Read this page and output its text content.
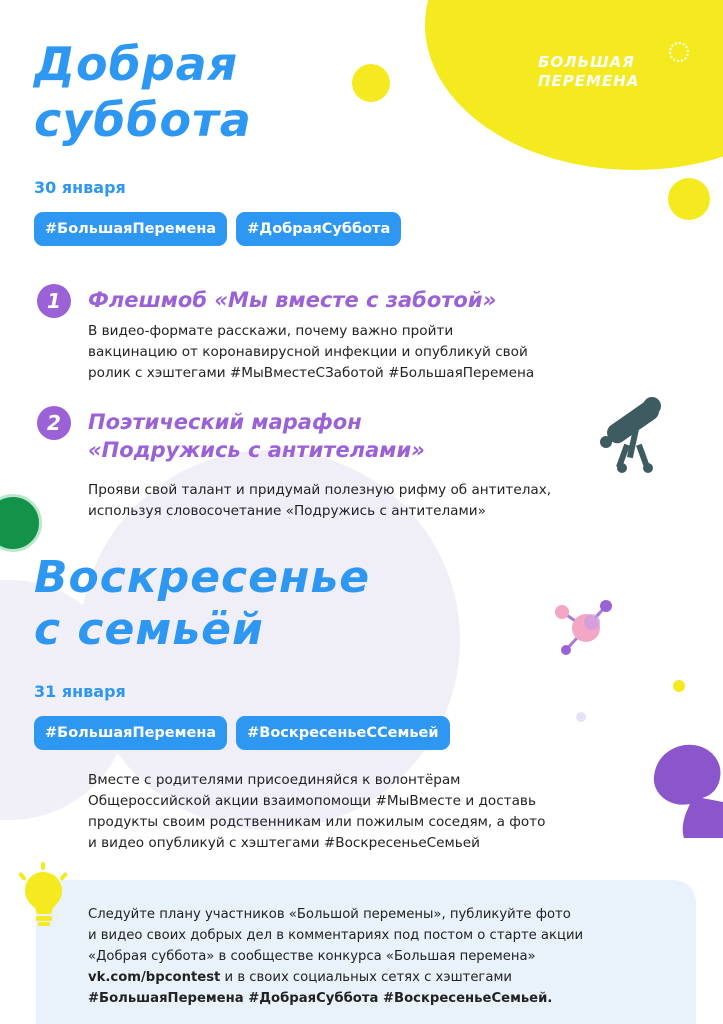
БОЛЬШАЯ
ПЕРЕМЕНА
Добрая
суббота
30 января
#БольшаяПеремена	#ДобраяСуббота
1	Флешмоб «Мы вместе с заботой»
В видео-формате расскажи, почему важно пройти
вакцинацию от коронавирусной инфекции и опубликуй свой
ролик с хэштегами #МыВместеСЗаботой #БольшаяПеремена
2	Поэтический марафон
«Подружись с антителами»
Прояви свой талант и придумай полезную рифму об антителах,
используя словосочетание «Подружись с антителами»
Воскресенье
с семьёй
31 января
#БольшаяПеремена	#ВоскресеньеССемьей
Вместе с родителями присоединяйся к волонтёрам
Общероссийской акции взаимопомощи #МыВместе и доставь
продукты своим родственникам или пожилым соседям, а фото
и видео опубликуй с хэштегами #ВоскресеньеСемьей
Следуйте плану участников «Большой перемены», публикуйте фото
и видео своих добрых дел в комментариях под постом о старте акции
«Добрая суббота» в сообществе конкурса «Большая перемена»
vk.com/bpcontest и в своих социальных сетях с хэштегами
#БольшаяПеремена #ДобраяСуббота #ВоскресеньеСемьей.
